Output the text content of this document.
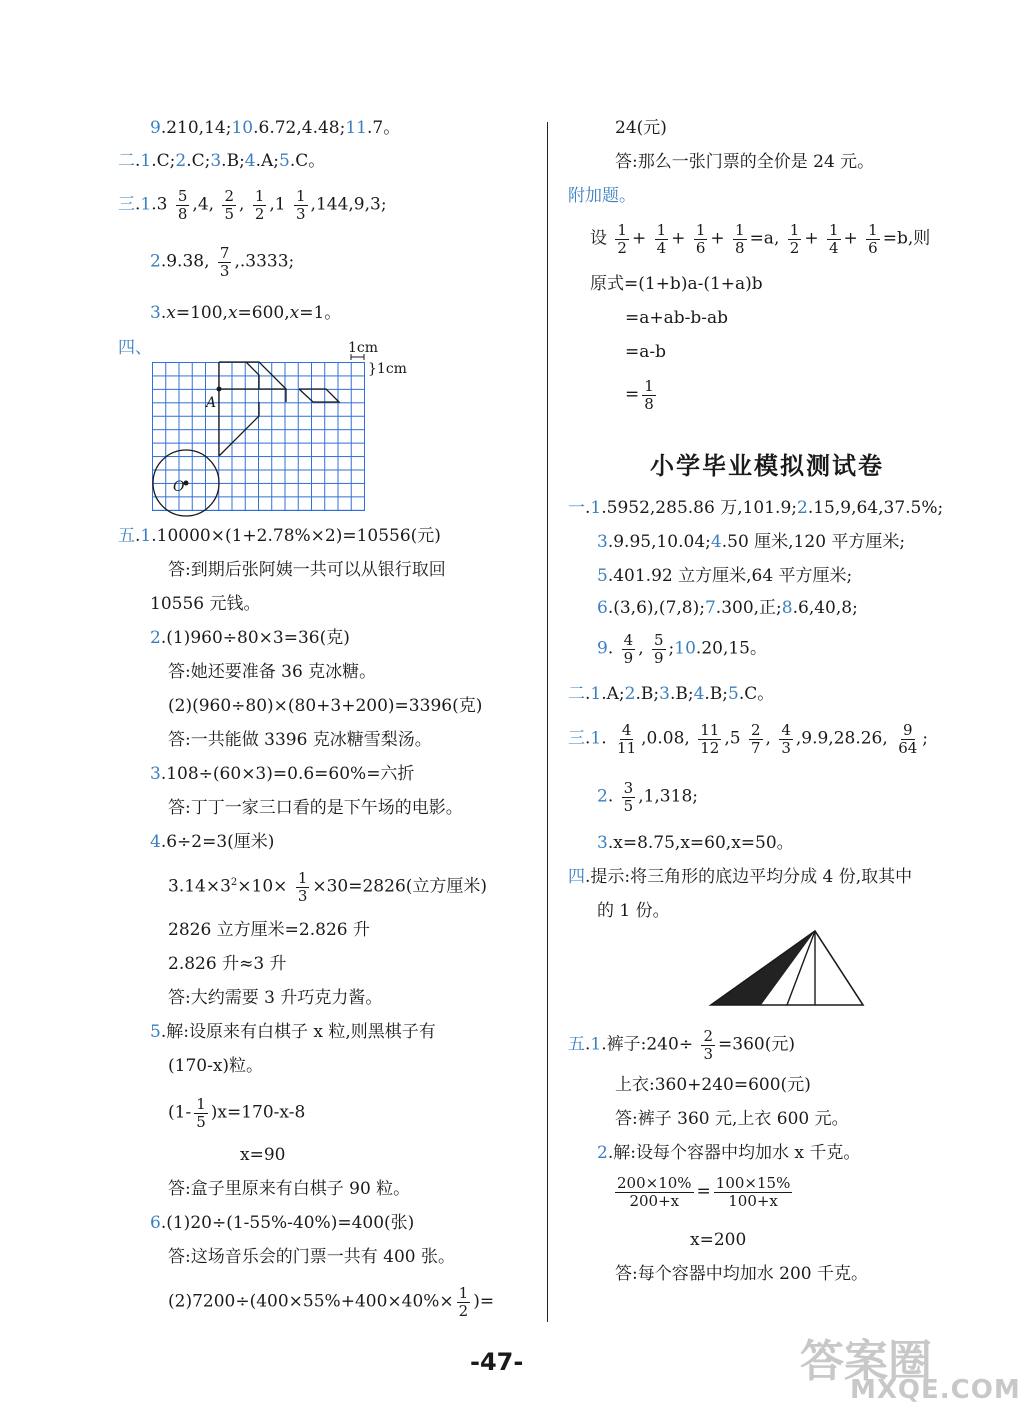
9.210,14;10.6.72,4.48;11.7。
二.1.C;2.C;3.B;4.A;5.C。
三$.1.3 \frac{5}{8} ,4$, $\frac{2}{5}$ , $\frac{1}{2} ,1 \frac{1}{3} ,144,9,3$;
2.9.38, $\frac{7}{3} ,.3333$;
3.x=100,x=600,x=1。
四、	1cm
}1cm
A
O
五.1.10000×(1+2.78%×2)=10556(元)
答:到期后张阿姨一共可以从银行取回
10556 元钱。
2.(1)960÷80×3=36(克)
答:她还要准备 36 克冰糖。
(2)(960÷80)×(80+3+200)=3396(克)
答:一共能做 3396 克冰糖雪梨汤。
3.108÷(60×3)=0.6=60%=六折
答:丁丁一家三口看的是下午场的电影。
4.6÷2=3(厘米)
$3.14\times 3^2\times 10\times \frac{1}{3} \times 30=2826$(立方厘米)
2826 立方厘米=2.826 升
2.826 升≈3 升
答:大约需要 3 升巧克力酱。
5.解:设原来有白棋子 x 粒,则黑棋子有
(170-x)粒。
$(1- \frac{1}{5} )x=170-x-8$
x=90
答:盒子里原来有白棋子 90 粒。
6.(1)20÷(1-55%-40%)=400(张)
答:这场音乐会的门票一共有 400 张。
$(2)7200\div(400\times 55\%+400\times 40\%\times \frac{1}{2}$ )=
24(元)
答:那么一张门票的全价是 24 元。
附加题。
设 $\frac{1}{2} + \frac{1}{4} + \frac{1}{6} + \frac{1}{8} =a$, $\frac{1}{2} + \frac{1}{4} + \frac{1}{6} =b$,则
原式=(1+b)a-(1+a)b
=a+ab-b-ab
=a-b
= $\frac{1}{8}$
小学毕业模拟测试卷
一.1.5952,285.86 万,101.9;2.15,9,64,37.5%;
3.9.95,10.04;4.50 厘米,120 平方厘米;
5.401.92 立方厘米,64 平方厘米;
6.(3,6),(7,8);7.300,正;8.6,40,8;
9. $\frac{4}{9}$ , $\frac{5}{9}$ ;10.20,15。
二.1.A;2.B;3.B;4.B;5.C。
三.1. $\frac{4}{11} ,0.08$, $\frac{11}{12} ,5 \frac{2}{7}$ , $\frac{4}{3} ,9.9,28.26$, $\frac{9}{64}$ ;
2. $\frac{3}{5} ,1,318$;
3.x=8.75,x=60,x=50。
四.提示:将三角形的底边平均分成 4 份,取其中
的 1 份。
五.1.裤子:240÷ $\frac{2}{3} =360$(元)
上衣:360+240=600(元)
答:裤子 360 元,上衣 600 元。
2.解:设每个容器中均加水 x 千克。
$\frac{200\times 10\%}{200+x} = \frac{100\times 15\%}{100+x}$
x=200
答:每个容器中均加水 200 千克。
-47-	答案圈
MXQE.COM
